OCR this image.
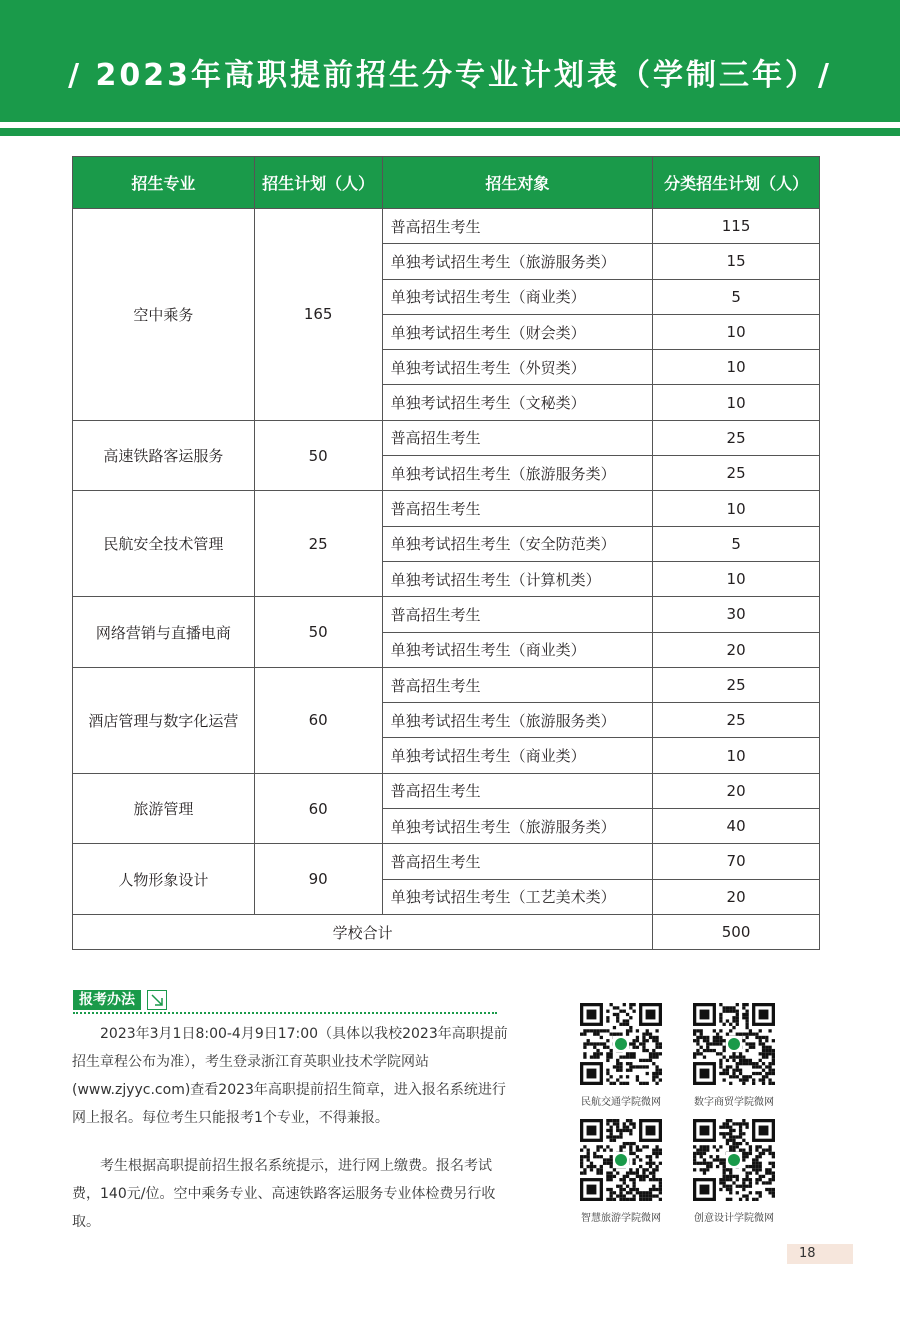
/ 2023年高职提前招生分专业计划表（学制三年）/
招生专业	招生计划（人）	招生对象	分类招生计划（人）
空中乘务	165	普高招生考生	115
		单独考试招生考生（旅游服务类）	15
		单独考试招生考生（商业类）	5
		单独考试招生考生（财会类）	10
		单独考试招生考生（外贸类）	10
		单独考试招生考生（文秘类）	10
高速铁路客运服务	50	普高招生考生	25
		单独考试招生考生（旅游服务类）	25
民航安全技术管理	25	普高招生考生	10
		单独考试招生考生（安全防范类）	5
		单独考试招生考生（计算机类）	10
网络营销与直播电商	50	普高招生考生	30
		单独考试招生考生（商业类）	20
酒店管理与数字化运营	60	普高招生考生	25
		单独考试招生考生（旅游服务类）	25
		单独考试招生考生（商业类）	10
旅游管理	60	普高招生考生	20
		单独考试招生考生（旅游服务类）	40
人物形象设计	90	普高招生考生	70
		单独考试招生考生（工艺美术类）	20
学校合计			500
报考办法

2023年3月1日8:00-4月9日17:00（具体以我校2023年高职提前招生章程公布为准），考生登录浙江育英职业技术学院网站(www.zjyyc.com)查看2023年高职提前招生简章，进入报名系统进行网上报名。每位考生只能报考1个专业，不得兼报。

考生根据高职提前招生报名系统提示，进行网上缴费。报名考试费，140元/位。空中乘务专业、高速铁路客运服务专业体检费另行收取。

民航交通学院微网	数字商贸学院微网
智慧旅游学院微网	创意设计学院微网
18
